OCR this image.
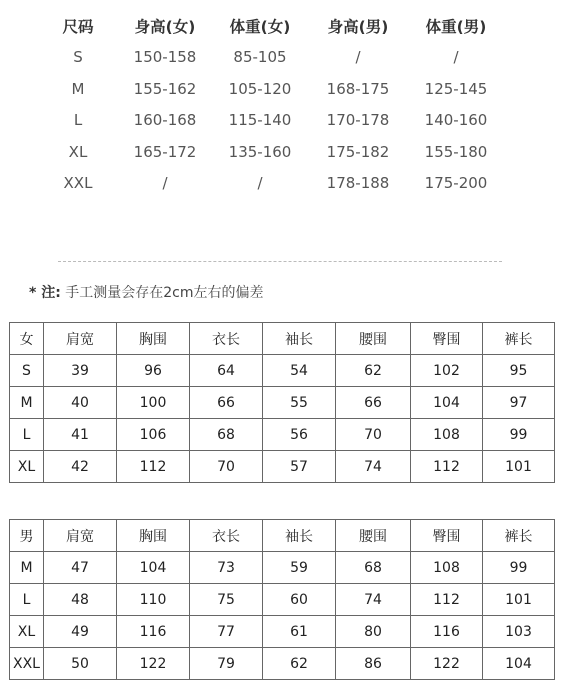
尺码	身高(女)	体重(女)	身高(男)	体重(男)
S	150-158	85-105	/	/
M	155-162	105-120	168-175	125-145
L	160-168	115-140	170-178	140-160
XL	165-172	135-160	175-182	155-180
XXL	/	/	178-188	175-200
* 注: 手工测量会存在2cm左右的偏差
女	肩宽	胸围	衣长	袖长	腰围	臀围	裤长
S	39	96	64	54	62	102	95
M	40	100	66	55	66	104	97
L	41	106	68	56	70	108	99
XL	42	112	70	57	74	112	101
男	肩宽	胸围	衣长	袖长	腰围	臀围	裤长
M	47	104	73	59	68	108	99
L	48	110	75	60	74	112	101
XL	49	116	77	61	80	116	103
XXL	50	122	79	62	86	122	104
